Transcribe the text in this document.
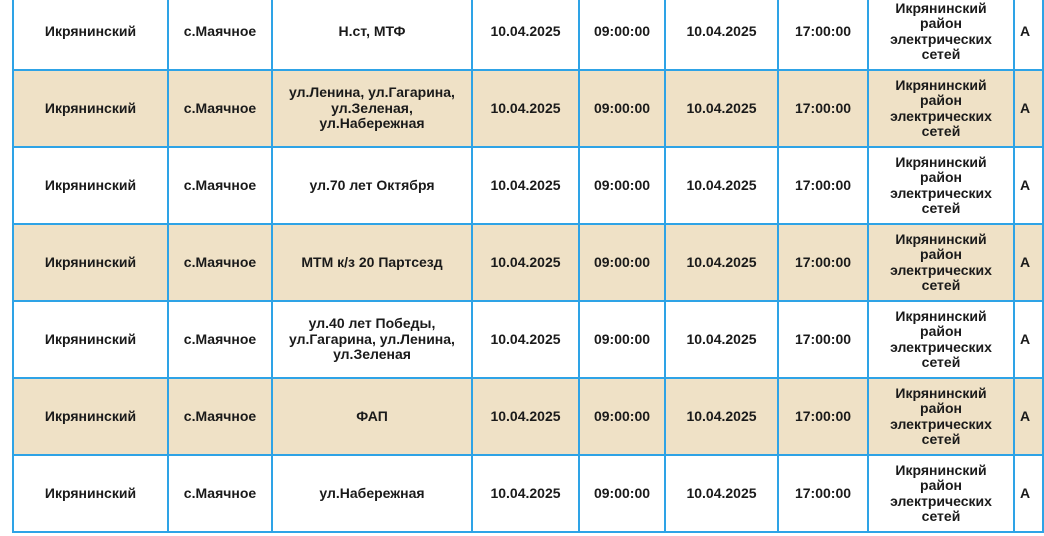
Икрянинский	с.Маячное	Н.ст, МТФ	10.04.2025	09:00:00	10.04.2025	17:00:00	Икрянинский район электрических сетей	А
Икрянинский	с.Маячное	ул.Ленина, ул.Гагарина, ул.Зеленая, ул.Набережная	10.04.2025	09:00:00	10.04.2025	17:00:00	Икрянинский район электрических сетей	А
Икрянинский	с.Маячное	ул.70 лет Октября	10.04.2025	09:00:00	10.04.2025	17:00:00	Икрянинский район электрических сетей	А
Икрянинский	с.Маячное	МТМ к/з 20 Партсезд	10.04.2025	09:00:00	10.04.2025	17:00:00	Икрянинский район электрических сетей	А
Икрянинский	с.Маячное	ул.40 лет Победы, ул.Гагарина, ул.Ленина, ул.Зеленая	10.04.2025	09:00:00	10.04.2025	17:00:00	Икрянинский район электрических сетей	А
Икрянинский	с.Маячное	ФАП	10.04.2025	09:00:00	10.04.2025	17:00:00	Икрянинский район электрических сетей	А
Икрянинский	с.Маячное	ул.Набережная	10.04.2025	09:00:00	10.04.2025	17:00:00	Икрянинский район электрических сетей	А
